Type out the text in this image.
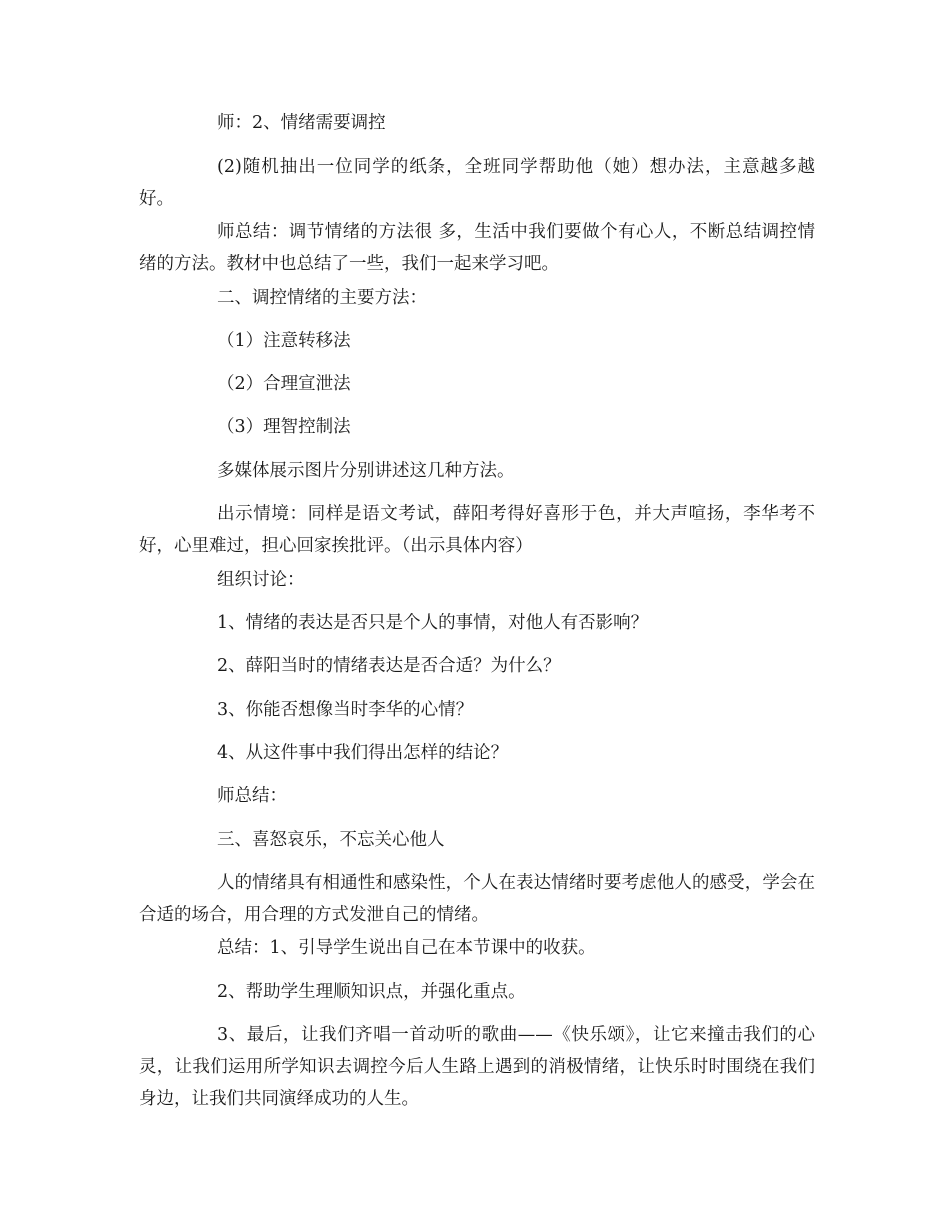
师：2、情绪需要调控

(2)随机抽出一位同学的纸条，全班同学帮助他（她）想办法，主意越多越好。

师总结：调节情绪的方法很 多，生活中我们要做个有心人，不断总结调控情绪的方法。教材中也总结了一些，我们一起来学习吧。

二、调控情绪的主要方法：

（1）注意转移法

（2）合理宣泄法

（3）理智控制法

多媒体展示图片分别讲述这几种方法。

出示情境：同样是语文考试，薛阳考得好喜形于色，并大声喧扬，李华考不好，心里难过，担心回家挨批评。（出示具体内容）

组织讨论：

1、情绪的表达是否只是个人的事情，对他人有否影响？

2、薛阳当时的情绪表达是否合适？为什么？

3、你能否想像当时李华的心情？

4、从这件事中我们得出怎样的结论？

师总结：

三、喜怒哀乐，不忘关心他人

人的情绪具有相通性和感染性，个人在表达情绪时要考虑他人的感受，学会在合适的场合，用合理的方式发泄自己的情绪。

总结：1、引导学生说出自己在本节课中的收获。

2、帮助学生理顺知识点，并强化重点。

3、最后，让我们齐唱一首动听的歌曲——《快乐颂》，让它来撞击我们的心灵，让我们运用所学知识去调控今后人生路上遇到的消极情绪，让快乐时时围绕在我们身边，让我们共同演绎成功的人生。
